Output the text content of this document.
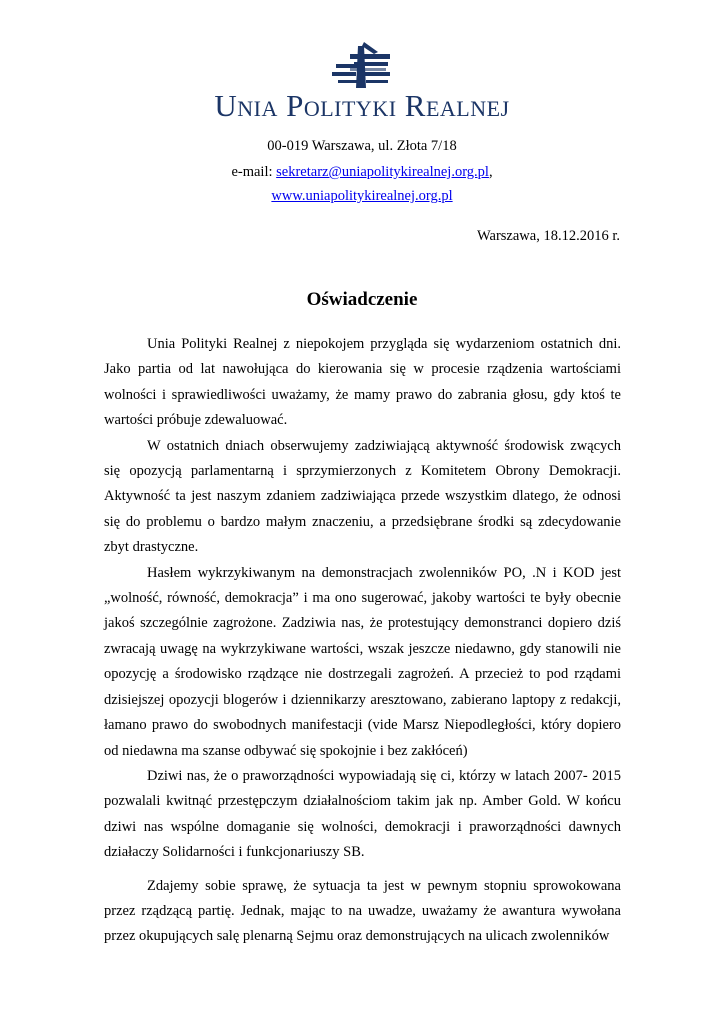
Unia Polityki Realnej
00-019 Warszawa, ul. Złota 7/18
e-mail: sekretarz@uniapolitykirealnej.org.pl,
www.uniapolitykirealnej.org.pl
Warszawa, 18.12.2016 r.
Oświadczenie

Unia Polityki Realnej z niepokojem przygląda się wydarzeniom ostatnich dni. Jako partia od lat nawołująca do kierowania się w procesie rządzenia wartościami wolności i sprawiedliwości uważamy, że mamy prawo do zabrania głosu, gdy ktoś te wartości próbuje zdewaluować.

W ostatnich dniach obserwujemy zadziwiającą aktywność środowisk zwących się opozycją parlamentarną i sprzymierzonych z Komitetem Obrony Demokracji. Aktywność ta jest naszym zdaniem zadziwiająca przede wszystkim dlatego, że odnosi się do problemu o bardzo małym znaczeniu, a przedsiębrane środki są zdecydowanie zbyt drastyczne.

Hasłem wykrzykiwanym na demonstracjach zwolenników PO, .N i KOD jest „wolność, równość, demokracja” i ma ono sugerować, jakoby wartości te były obecnie jakoś szczególnie zagrożone. Zadziwia nas, że protestujący demonstranci dopiero dziś zwracają uwagę na wykrzykiwane wartości, wszak jeszcze niedawno, gdy stanowili nie opozycję a środowisko rządzące nie dostrzegali zagrożeń. A przecież to pod rządami dzisiejszej opozycji blogerów i dziennikarzy aresztowano, zabierano laptopy z redakcji, łamano prawo do swobodnych manifestacji (vide Marsz Niepodległości, który dopiero od niedawna ma szanse odbywać się spokojnie i bez zakłóceń)

Dziwi nas, że o praworządności wypowiadają się ci, którzy w latach 2007- 2015 pozwalali kwitnąć przestępczym działalnościom takim jak np. Amber Gold. W końcu dziwi nas wspólne domaganie się wolności, demokracji i praworządności dawnych działaczy Solidarności i funkcjonariuszy SB.

Zdajemy sobie sprawę, że sytuacja ta jest w pewnym stopniu sprowokowana przez rządzącą partię. Jednak, mając to na uwadze, uważamy że awantura wywołana przez okupujących salę plenarną Sejmu oraz demonstrujących na ulicach zwolenników
